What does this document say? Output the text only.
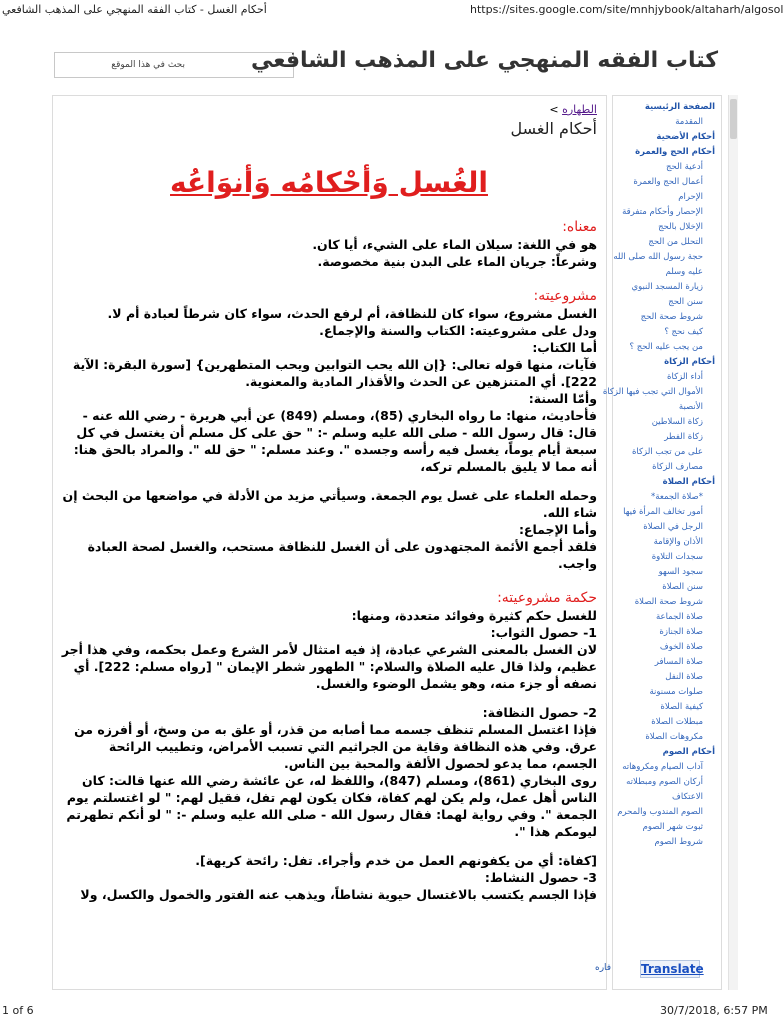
أحكام الغسل - كتاب الفقه المنهجي على المذهب الشافعي	https://sites.google.com/site/mnhjybook/altaharh/algosol
بحث في هذا الموقع	كتاب الفقه المنهجي على المذهب الشافعي
الطهاره >
أحكام الغسل
الغُسل وَأحْكامُه وَأنوَاعُه
معناه:
هو في اللغة: سيلان الماء على الشيء، أيا كان.
وشرعاً: جريان الماء على البدن بنية مخصوصة.
مشروعيته:
الغسل مشروع، سواء كان للنظافة، أم لرفع الحدث، سواء كان شرطاً لعبادة أم لا.
ودل على مشروعيته: الكتاب والسنة والإجماع.
أما الكتاب:
فآيات، منها قوله تعالى: {إن الله يحب التوابين ويحب المتطهرين} [سورة البقرة: الآية 222]. أي المتنزهين عن الحدث والأقذار المادية والمعنوية.
وأمّا السنة:
فأحاديث، منها: ما رواه البخاري (85)، ومسلم (849) عن أبي هريرة - رضي الله عنه - قال: قال رسول الله - صلى الله عليه وسلم -: " حق على كل مسلم أن يغتسل في كل سبعة أيام يوماً، يغسل فيه رأسه وجسده ". وعند مسلم: " حق لله ". والمراد بالحق هنا: أنه مما لا يليق بالمسلم تركه،
وحمله العلماء على غسل يوم الجمعة. وسيأتي مزيد من الأدلة في مواضعها من البحث إن شاء الله.
وأما الإجماع:
فلقد أجمع الأئمة المجتهدون على أن الغسل للنظافة مستحب، والغسل لصحة العبادة واجب.
حكمة مشروعيته:
للغسل حكم كثيرة وفوائد متعددة، ومنها:
1- حصول الثواب:
لان الغسل بالمعنى الشرعي عبادة، إذ فيه امتثال لأمر الشرع وعمل بحكمه، وفي هذا أجر عظيم، ولذا قال عليه الصلاة والسلام: " الطهور شطر الإيمان " [رواه مسلم: 222]. أي نصفه أو جزء منه، وهو يشمل الوضوء والغسل.
2- حصول النظافة:
فإذا اغتسل المسلم تنظف جسمه مما أصابه من قذر، أو علق به من وسخ، أو أفرزه من عرق. وفي هذه النظافة وقاية من الجراثيم التي تسبب الأمراض، وتطييب الرائحة الجسم، مما يدعو لحصول الألفة والمحبة بين الناس.
روى البخاري (861)، ومسلم (847)، واللفظ له، عن عائشة رضي الله عنها قالت: كان الناس أهل عمل، ولم يكن لهم كفاة، فكان يكون لهم تفل، فقيل لهم: " لو اغتسلتم يوم الجمعة ". وفي رواية لهما: فقال رسول الله - صلى الله عليه وسلم -: " لو أنكم تطهرتم ليومكم هذا ".
[كفاة: أي من يكفونهم العمل من خدم وأجراء. تفل: رائحة كريهة].
3- حصول النشاط:
فإذا الجسم يكتسب بالاغتسال حيوية نشاطاً، ويذهب عنه الفتور والخمول والكسل، ولا
الصفحة الرئيسية
المقدمة
أحكام الأضحية
أحكام الحج والعمرة
أدعية الحج
أعمال الحج والعمرة
الإحرام
الإحصار وأحكام متفرقة
الإخلال بالحج
التحلل من الحج
حجة رسول الله صلى الله
عليه وسلم
زيارة المسجد النبوي
سنن الحج
شروط صحة الحج
كيف نحج ؟
من يجب عليه الحج ؟
أحكام الزكاة
أداء الزكاة
الأموال التي تجب فيها الزكاة
الأنصبة
زكاة السلاطين
زكاة الفطر
على من تجب الزكاة
مصارف الزكاة
أحكام الصلاة
*صلاة الجمعة*
أمور تخالف المرأة فيها
الرجل في الصلاة
الأذان والإقامة
سجدات التلاوة
سجود السهو
سنن الصلاة
شروط صحة الصلاة
صلاة الجماعة
صلاة الجنازة
صلاة الخوف
صلاة المسافر
صلاة النفل
صلوات مسنونة
كيفية الصلاة
مبطلات الصلاة
مكروهات الصلاة
أحكام الصوم
آداب الصيام ومكروهاته
أركان الصوم ومبطلاته
الاعتكاف
الصوم المندوب والمحرم
ثبوت شهر الصوم
شروط الصوم
فاره Translate
1 of 6	30/7/2018, 6:57 PM
